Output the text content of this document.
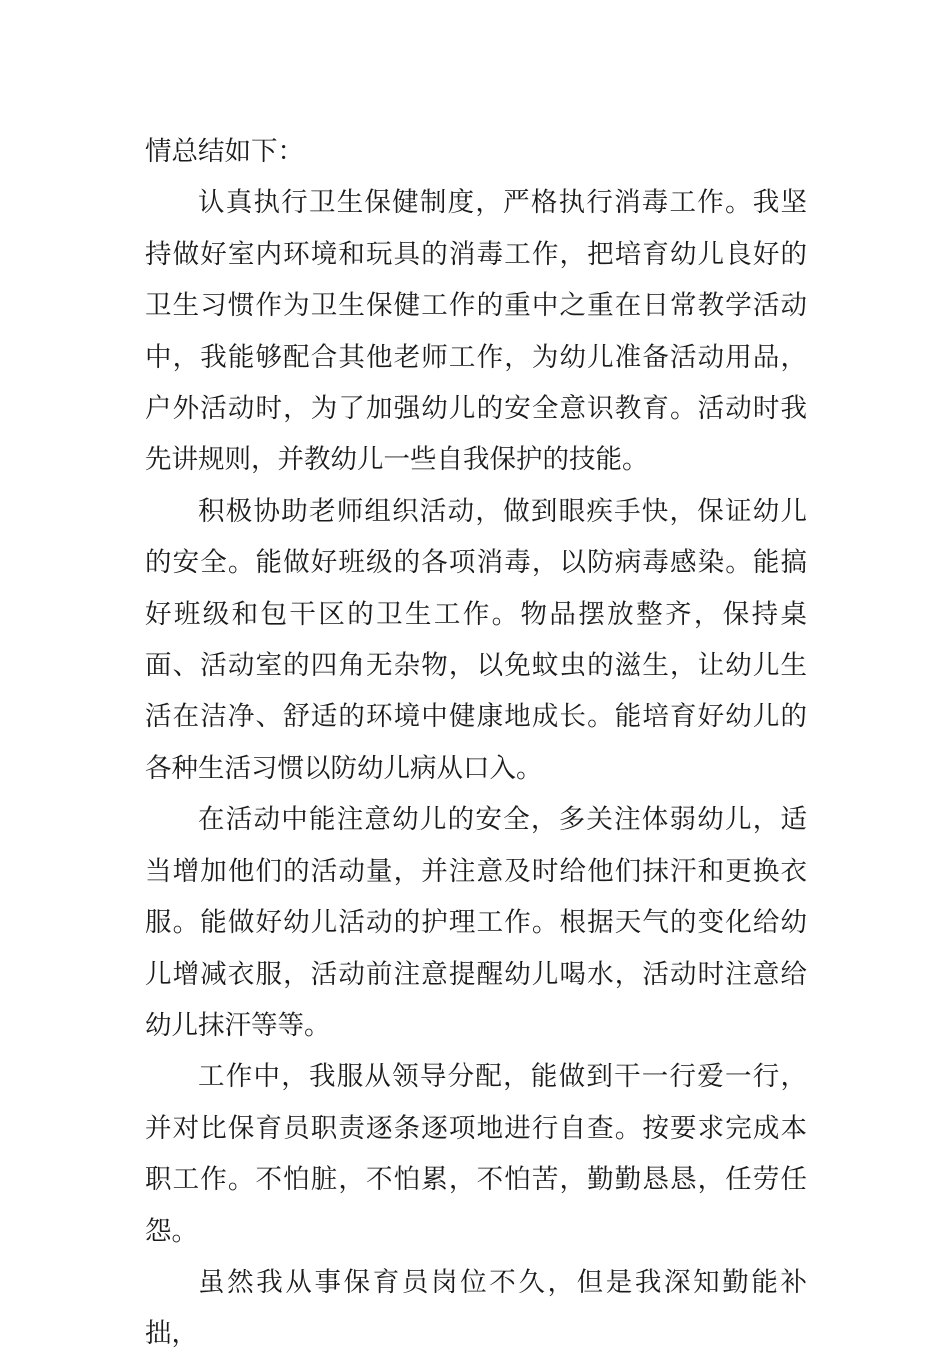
情总结如下：

认真执行卫生保健制度，严格执行消毒工作。我坚持做好室内环境和玩具的消毒工作，把培育幼儿良好的卫生习惯作为卫生保健工作的重中之重在日常教学活动中，我能够配合其他老师工作，为幼儿准备活动用品，户外活动时，为了加强幼儿的安全意识教育。活动时我先讲规则，并教幼儿一些自我保护的技能。

积极协助老师组织活动，做到眼疾手快，保证幼儿的安全。能做好班级的各项消毒，以防病毒感染。能搞好班级和包干区的卫生工作。物品摆放整齐，保持桌面、活动室的四角无杂物，以免蚊虫的滋生，让幼儿生活在洁净、舒适的环境中健康地成长。能培育好幼儿的各种生活习惯以防幼儿病从口入。

在活动中能注意幼儿的安全，多关注体弱幼儿，适当增加他们的活动量，并注意及时给他们抹汗和更换衣服。能做好幼儿活动的护理工作。根据天气的变化给幼儿增减衣服，活动前注意提醒幼儿喝水，活动时注意给幼儿抹汗等等。

工作中，我服从领导分配，能做到干一行爱一行，并对比保育员职责逐条逐项地进行自查。按要求完成本职工作。不怕脏，不怕累，不怕苦，勤勤恳恳，任劳任怨。

虽然我从事保育员岗位不久，但是我深知勤能补拙，
